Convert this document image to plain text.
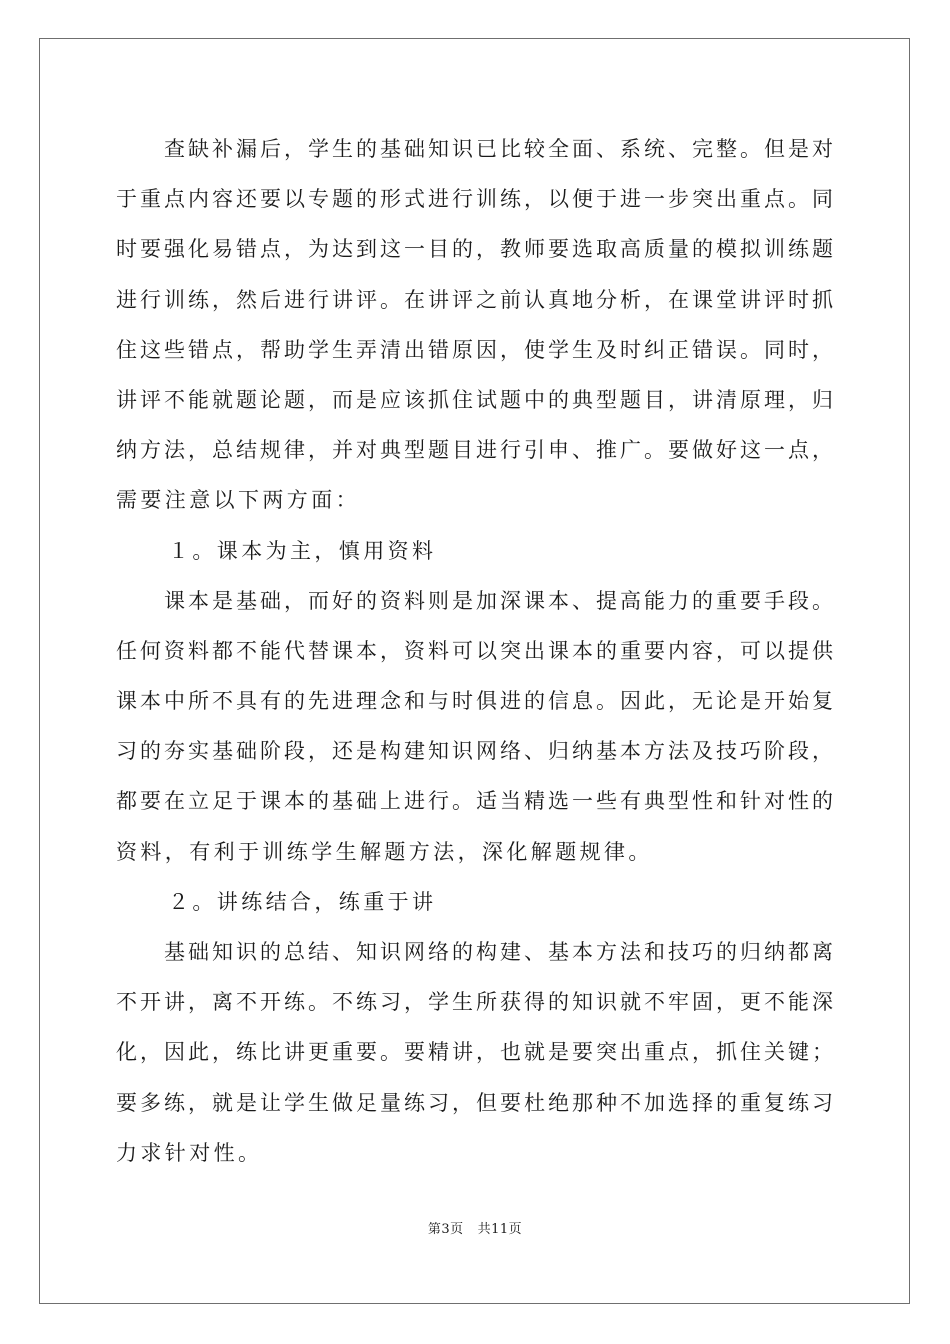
查缺补漏后，学生的基础知识已比较全面、系统、完整。但是对
于重点内容还要以专题的形式进行训练，以便于进一步突出重点。同
时要强化易错点，为达到这一目的，教师要选取高质量的模拟训练题
进行训练，然后进行讲评。在讲评之前认真地分析，在课堂讲评时抓
住这些错点，帮助学生弄清出错原因，使学生及时纠正错误。同时，
讲评不能就题论题，而是应该抓住试题中的典型题目，讲清原理，归
纳方法，总结规律，并对典型题目进行引申、推广。要做好这一点，
需要注意以下两方面：
１。课本为主，慎用资料
课本是基础，而好的资料则是加深课本、提高能力的重要手段。
任何资料都不能代替课本，资料可以突出课本的重要内容，可以提供
课本中所不具有的先进理念和与时俱进的信息。因此，无论是开始复
习的夯实基础阶段，还是构建知识网络、归纳基本方法及技巧阶段，
都要在立足于课本的基础上进行。适当精选一些有典型性和针对性的
资料，有利于训练学生解题方法，深化解题规律。
２。讲练结合，练重于讲
基础知识的总结、知识网络的构建、基本方法和技巧的归纳都离
不开讲，离不开练。不练习，学生所获得的知识就不牢固，更不能深
化，因此，练比讲更重要。要精讲，也就是要突出重点，抓住关键；
要多练，就是让学生做足量练习，但要杜绝那种不加选择的重复练习
力求针对性。
第3页 共11页
